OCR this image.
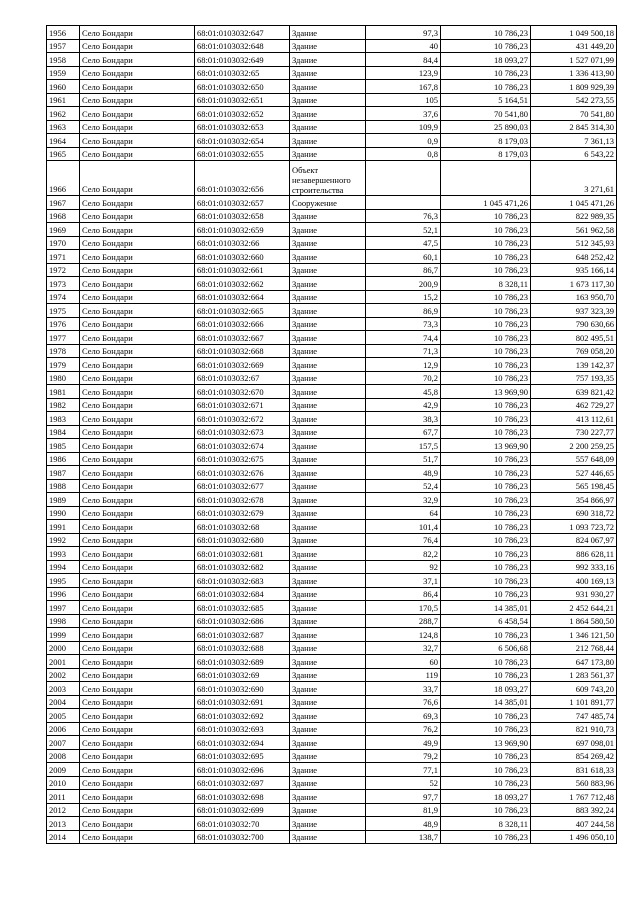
1956	Село Бондари	68:01:0103032:647	Здание	97,3	10 786,23	1 049 500,18
1957	Село Бондари	68:01:0103032:648	Здание	40	10 786,23	431 449,20
1958	Село Бондари	68:01:0103032:649	Здание	84,4	18 093,27	1 527 071,99
1959	Село Бондари	68:01:0103032:65	Здание	123,9	10 786,23	1 336 413,90
1960	Село Бондари	68:01:0103032:650	Здание	167,8	10 786,23	1 809 929,39
1961	Село Бондари	68:01:0103032:651	Здание	105	5 164,51	542 273,55
1962	Село Бондари	68:01:0103032:652	Здание	37,6	70 541,80	70 541,80
1963	Село Бондари	68:01:0103032:653	Здание	109,9	25 890,03	2 845 314,30
1964	Село Бондари	68:01:0103032:654	Здание	0,9	8 179,03	7 361,13
1965	Село Бондари	68:01:0103032:655	Здание	0,8	8 179,03	6 543,22
1966	Село Бондари	68:01:0103032:656	Объект незавершенного строительства			3 271,61
1967	Село Бондари	68:01:0103032:657	Сооружение		1 045 471,26	1 045 471,26
1968	Село Бондари	68:01:0103032:658	Здание	76,3	10 786,23	822 989,35
1969	Село Бондари	68:01:0103032:659	Здание	52,1	10 786,23	561 962,58
1970	Село Бондари	68:01:0103032:66	Здание	47,5	10 786,23	512 345,93
1971	Село Бондари	68:01:0103032:660	Здание	60,1	10 786,23	648 252,42
1972	Село Бондари	68:01:0103032:661	Здание	86,7	10 786,23	935 166,14
1973	Село Бондари	68:01:0103032:662	Здание	200,9	8 328,11	1 673 117,30
1974	Село Бондари	68:01:0103032:664	Здание	15,2	10 786,23	163 950,70
1975	Село Бондари	68:01:0103032:665	Здание	86,9	10 786,23	937 323,39
1976	Село Бондари	68:01:0103032:666	Здание	73,3	10 786,23	790 630,66
1977	Село Бондари	68:01:0103032:667	Здание	74,4	10 786,23	802 495,51
1978	Село Бондари	68:01:0103032:668	Здание	71,3	10 786,23	769 058,20
1979	Село Бондари	68:01:0103032:669	Здание	12,9	10 786,23	139 142,37
1980	Село Бондари	68:01:0103032:67	Здание	70,2	10 786,23	757 193,35
1981	Село Бондари	68:01:0103032:670	Здание	45,8	13 969,90	639 821,42
1982	Село Бондари	68:01:0103032:671	Здание	42,9	10 786,23	462 729,27
1983	Село Бондари	68:01:0103032:672	Здание	38,3	10 786,23	413 112,61
1984	Село Бондари	68:01:0103032:673	Здание	67,7	10 786,23	730 227,77
1985	Село Бондари	68:01:0103032:674	Здание	157,5	13 969,90	2 200 259,25
1986	Село Бондари	68:01:0103032:675	Здание	51,7	10 786,23	557 648,09
1987	Село Бондари	68:01:0103032:676	Здание	48,9	10 786,23	527 446,65
1988	Село Бондари	68:01:0103032:677	Здание	52,4	10 786,23	565 198,45
1989	Село Бондари	68:01:0103032:678	Здание	32,9	10 786,23	354 866,97
1990	Село Бондари	68:01:0103032:679	Здание	64	10 786,23	690 318,72
1991	Село Бондари	68:01:0103032:68	Здание	101,4	10 786,23	1 093 723,72
1992	Село Бондари	68:01:0103032:680	Здание	76,4	10 786,23	824 067,97
1993	Село Бондари	68:01:0103032:681	Здание	82,2	10 786,23	886 628,11
1994	Село Бондари	68:01:0103032:682	Здание	92	10 786,23	992 333,16
1995	Село Бондари	68:01:0103032:683	Здание	37,1	10 786,23	400 169,13
1996	Село Бондари	68:01:0103032:684	Здание	86,4	10 786,23	931 930,27
1997	Село Бондари	68:01:0103032:685	Здание	170,5	14 385,01	2 452 644,21
1998	Село Бондари	68:01:0103032:686	Здание	288,7	6 458,54	1 864 580,50
1999	Село Бондари	68:01:0103032:687	Здание	124,8	10 786,23	1 346 121,50
2000	Село Бондари	68:01:0103032:688	Здание	32,7	6 506,68	212 768,44
2001	Село Бондари	68:01:0103032:689	Здание	60	10 786,23	647 173,80
2002	Село Бондари	68:01:0103032:69	Здание	119	10 786,23	1 283 561,37
2003	Село Бондари	68:01:0103032:690	Здание	33,7	18 093,27	609 743,20
2004	Село Бондари	68:01:0103032:691	Здание	76,6	14 385,01	1 101 891,77
2005	Село Бондари	68:01:0103032:692	Здание	69,3	10 786,23	747 485,74
2006	Село Бондари	68:01:0103032:693	Здание	76,2	10 786,23	821 910,73
2007	Село Бондари	68:01:0103032:694	Здание	49,9	13 969,90	697 098,01
2008	Село Бондари	68:01:0103032:695	Здание	79,2	10 786,23	854 269,42
2009	Село Бондари	68:01:0103032:696	Здание	77,1	10 786,23	831 618,33
2010	Село Бондари	68:01:0103032:697	Здание	52	10 786,23	560 883,96
2011	Село Бондари	68:01:0103032:698	Здание	97,7	18 093,27	1 767 712,48
2012	Село Бондари	68:01:0103032:699	Здание	81,9	10 786,23	883 392,24
2013	Село Бондари	68:01:0103032:70	Здание	48,9	8 328,11	407 244,58
2014	Село Бондари	68:01:0103032:700	Здание	138,7	10 786,23	1 496 050,10
